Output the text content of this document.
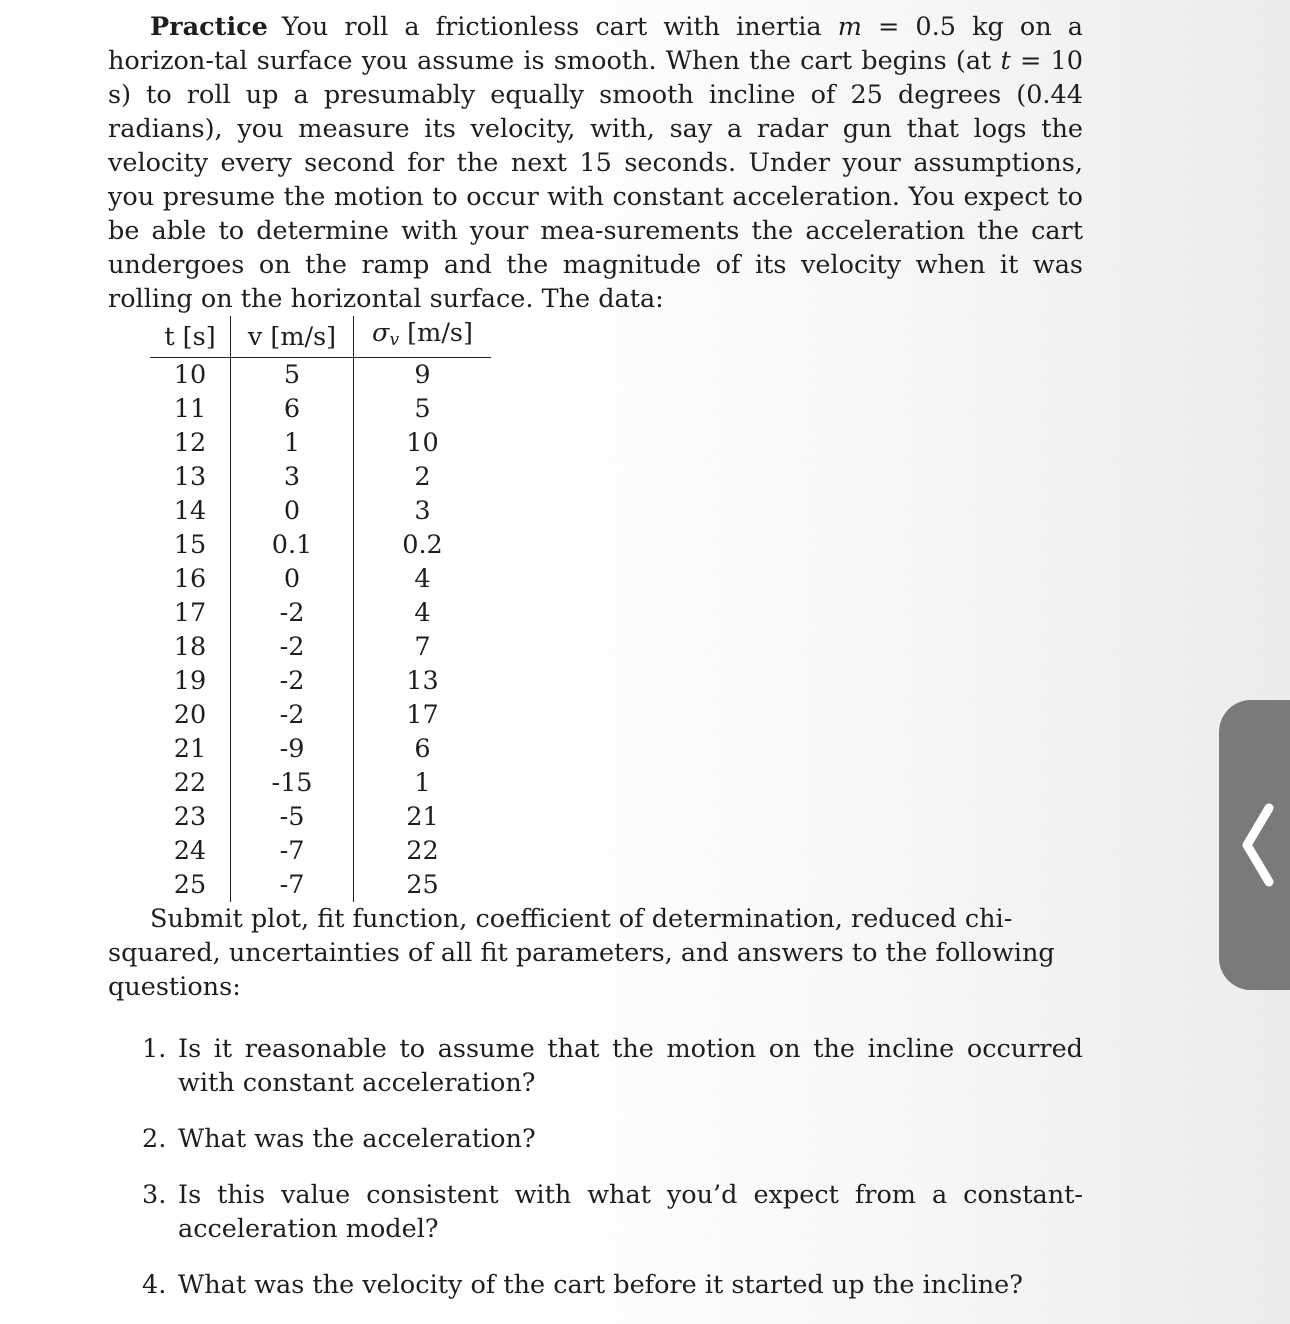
Practice You roll a frictionless cart with inertia m = 0.5 kg on a horizon-tal surface you assume is smooth. When the cart begins (at t = 10 s) to roll up a presumably equally smooth incline of 25 degrees (0.44 radians), you measure its velocity, with, say a radar gun that logs the velocity every second for the next 15 seconds. Under your assumptions, you presume the motion to occur with constant acceleration. You expect to be able to determine with your mea-surements the acceleration the cart undergoes on the ramp and the magnitude of its velocity when it was rolling on the horizontal surface. The data:

t [s]	v [m/s]	$\sigma_v$ [m/s]
10	5	9
11	6	5
12	1	10
13	3	2
14	0	3
15	0.1	0.2
16	0	4
17	-2	4
18	-2	7
19	-2	13
20	-2	17
21	-9	6
22	-15	1
23	-5	21
24	-7	22
25	-7	25

Submit plot, fit function, coefficient of determination, reduced chi-squared, uncertainties of all fit parameters, and answers to the following questions:

1. Is it reasonable to assume that the motion on the incline occurred with constant acceleration?
2. What was the acceleration?
3. Is this value consistent with what you’d expect from a constant-acceleration model?
4. What was the velocity of the cart before it started up the incline?
